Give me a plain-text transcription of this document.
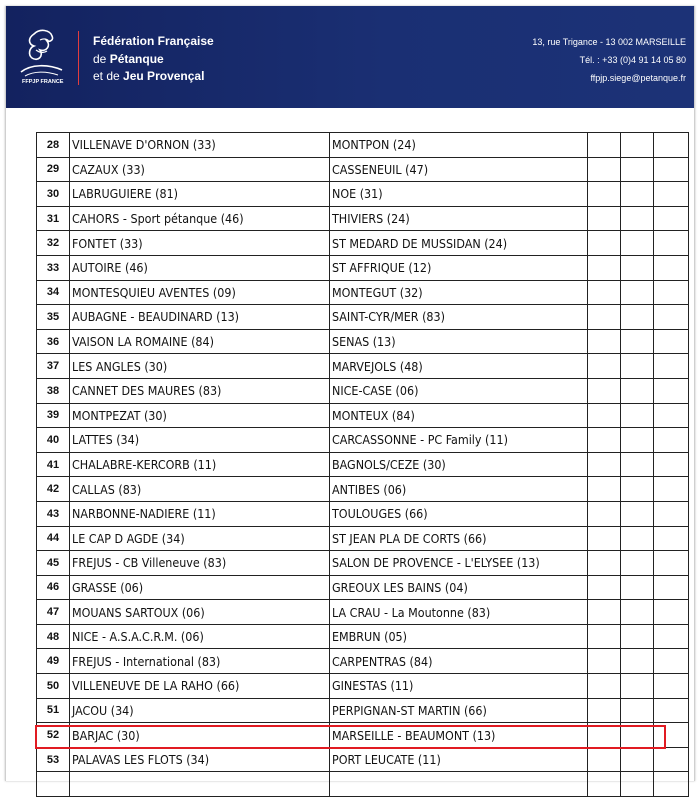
FFPJP FRANCE
Fédération Française
de Pétanque
et de Jeu Provençal
13, rue Trigance - 13 002 MARSEILLE
Tél. : +33 (0)4 91 14 05 80
ffpjp.siege@petanque.fr
28	VILLENAVE D'ORNON (33)	MONTPON (24)			
29	CAZAUX (33)	CASSENEUIL (47)			
30	LABRUGUIERE (81)	NOE (31)			
31	CAHORS - Sport pétanque (46)	THIVIERS (24)			
32	FONTET (33)	ST MEDARD DE MUSSIDAN (24)			
33	AUTOIRE (46)	ST AFFRIQUE (12)			
34	MONTESQUIEU AVENTES (09)	MONTEGUT (32)			
35	AUBAGNE - BEAUDINARD (13)	SAINT-CYR/MER (83)			
36	VAISON LA ROMAINE (84)	SENAS (13)			
37	LES ANGLES (30)	MARVEJOLS (48)			
38	CANNET DES MAURES (83)	NICE-CASE (06)			
39	MONTPEZAT (30)	MONTEUX (84)			
40	LATTES (34)	CARCASSONNE - PC Family (11)			
41	CHALABRE-KERCORB (11)	BAGNOLS/CEZE (30)			
42	CALLAS (83)	ANTIBES (06)			
43	NARBONNE-NADIERE (11)	TOULOUGES (66)			
44	LE CAP D AGDE (34)	ST JEAN PLA DE CORTS (66)			
45	FREJUS - CB Villeneuve (83)	SALON DE PROVENCE - L'ELYSEE (13)			
46	GRASSE (06)	GREOUX LES BAINS (04)			
47	MOUANS SARTOUX (06)	LA CRAU - La Moutonne (83)			
48	NICE - A.S.A.C.R.M. (06)	EMBRUN (05)			
49	FREJUS - International (83)	CARPENTRAS (84)			
50	VILLENEUVE DE LA RAHO (66)	GINESTAS (11)			
51	JACOU (34)	PERPIGNAN-ST MARTIN (66)			
52	BARJAC (30)	MARSEILLE - BEAUMONT (13)			
53	PALAVAS LES FLOTS (34)	PORT LEUCATE (11)			
